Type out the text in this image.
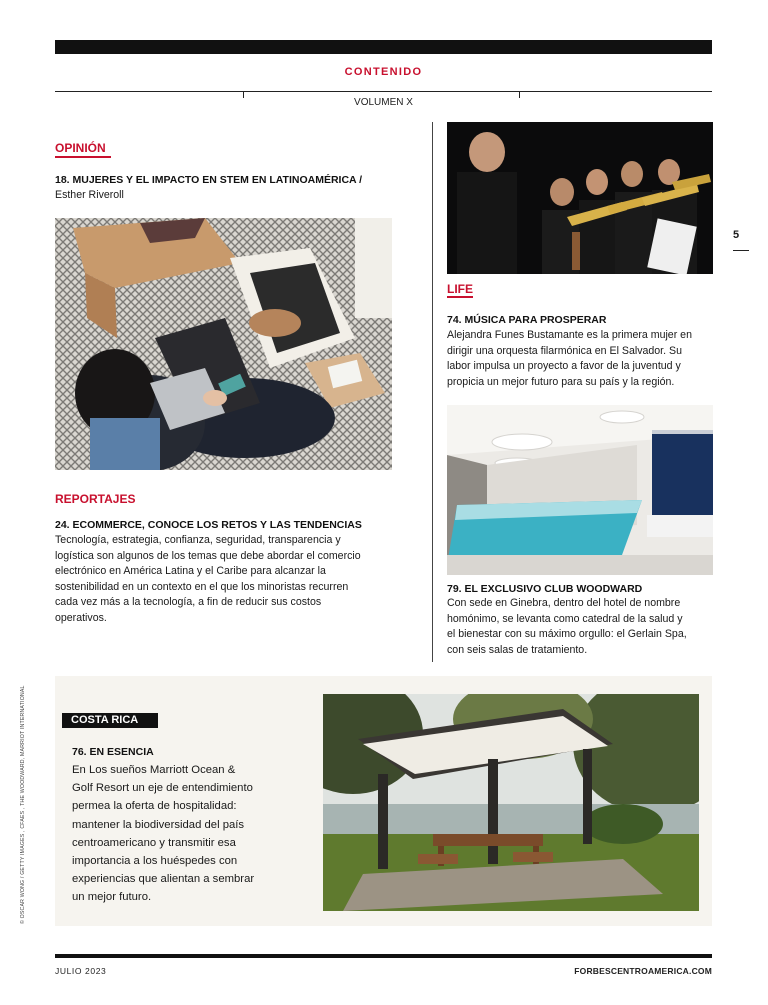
CONTENIDO
VOLUMEN X
5
© OSCAR WONG / GETTY IMAGES , CFAES , THE WOODWARD, MARRIOT INTERNATIONAL
OPINIÓN
18. MUJERES Y EL IMPACTO EN STEM EN LATINOAMÉRICA /
Esther Riveroll
REPORTAJES
24. ECOMMERCE, CONOCE LOS RETOS Y LAS TENDENCIAS
Tecnología, estrategia, confianza, seguridad, transparencia y
logística son algunos de los temas que debe abordar el comercio
electrónico en América Latina y el Caribe para alcanzar la
sostenibilidad en un contexto en el que los minoristas recurren
cada vez más a la tecnología, a fin de reducir sus costos
operativos.
LIFE
74. MÚSICA PARA PROSPERAR
Alejandra Funes Bustamante es la primera mujer en
dirigir una orquesta filarmónica en El Salvador. Su
labor impulsa un proyecto a favor de la juventud y
propicia un mejor futuro para su país y la región.
79. EL EXCLUSIVO CLUB WOODWARD
Con sede en Ginebra, dentro del hotel de nombre
homónimo, se levanta como catedral de la salud y
el bienestar con su máximo orgullo: el Gerlain Spa,
con seis salas de tratamiento.
COSTA RICA
76. EN ESENCIA
En Los sueños Marriott Ocean &
Golf Resort un eje de entendimiento
permea la oferta de hospitalidad:
mantener la biodiversidad del país
centroamericano y transmitir esa
importancia a los huéspedes con
experiencias que alientan a sembrar
un mejor futuro.
JULIO 2023	FORBESCENTROAMERICA.COM
